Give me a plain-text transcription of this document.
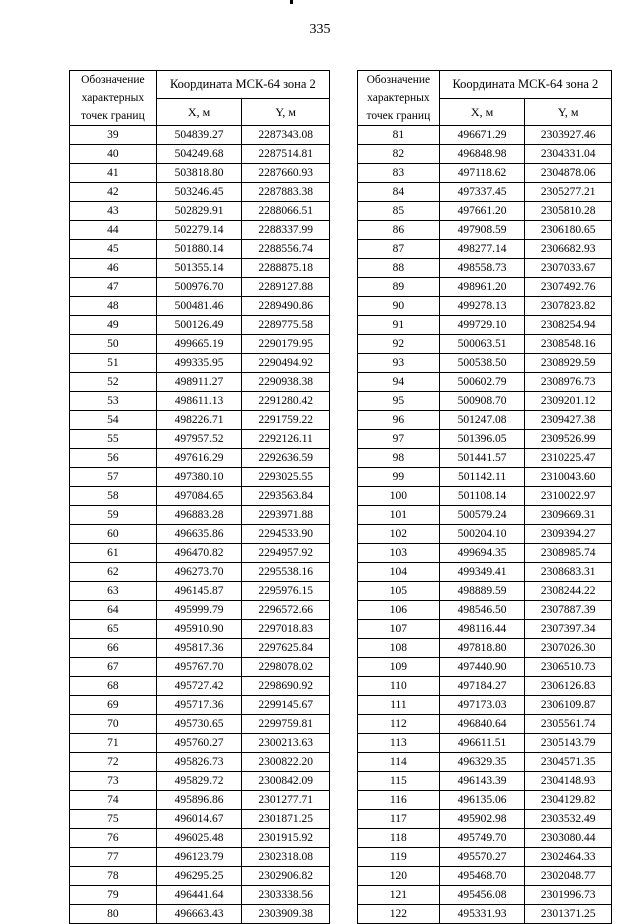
335
Обозначение характерных точек границ	Координата МСК-64 зона 2	
	X, м	Y, м
39	504839.27	2287343.08
40	504249.68	2287514.81
41	503818.80	2287660.93
42	503246.45	2287883.38
43	502829.91	2288066.51
44	502279.14	2288337.99
45	501880.14	2288556.74
46	501355.14	2288875.18
47	500976.70	2289127.88
48	500481.46	2289490.86
49	500126.49	2289775.58
50	499665.19	2290179.95
51	499335.95	2290494.92
52	498911.27	2290938.38
53	498611.13	2291280.42
54	498226.71	2291759.22
55	497957.52	2292126.11
56	497616.29	2292636.59
57	497380.10	2293025.55
58	497084.65	2293563.84
59	496883.28	2293971.88
60	496635.86	2294533.90
61	496470.82	2294957.92
62	496273.70	2295538.16
63	496145.87	2295976.15
64	495999.79	2296572.66
65	495910.90	2297018.83
66	495817.36	2297625.84
67	495767.70	2298078.02
68	495727.42	2298690.92
69	495717.36	2299145.67
70	495730.65	2299759.81
71	495760.27	2300213.63
72	495826.73	2300822.20
73	495829.72	2300842.09
74	495896.86	2301277.71
75	496014.67	2301871.25
76	496025.48	2301915.92
77	496123.79	2302318.08
78	496295.25	2302906.82
79	496441.64	2303338.56
80	496663.43	2303909.38
Обозначение характерных точек границ	Координата МСК-64 зона 2	
	X, м	Y, м
81	496671.29	2303927.46
82	496848.98	2304331.04
83	497118.62	2304878.06
84	497337.45	2305277.21
85	497661.20	2305810.28
86	497908.59	2306180.65
87	498277.14	2306682.93
88	498558.73	2307033.67
89	498961.20	2307492.76
90	499278.13	2307823.82
91	499729.10	2308254.94
92	500063.51	2308548.16
93	500538.50	2308929.59
94	500602.79	2308976.73
95	500908.70	2309201.12
96	501247.08	2309427.38
97	501396.05	2309526.99
98	501441.57	2310225.47
99	501142.11	2310043.60
100	501108.14	2310022.97
101	500579.24	2309669.31
102	500204.10	2309394.27
103	499694.35	2308985.74
104	499349.41	2308683.31
105	498889.59	2308244.22
106	498546.50	2307887.39
107	498116.44	2307397.34
108	497818.80	2307026.30
109	497440.90	2306510.73
110	497184.27	2306126.83
111	497173.03	2306109.87
112	496840.64	2305561.74
113	496611.51	2305143.79
114	496329.35	2304571.35
115	496143.39	2304148.93
116	496135.06	2304129.82
117	495902.98	2303532.49
118	495749.70	2303080.44
119	495570.27	2302464.33
120	495468.70	2302048.77
121	495456.08	2301996.73
122	495331.93	2301371.25
